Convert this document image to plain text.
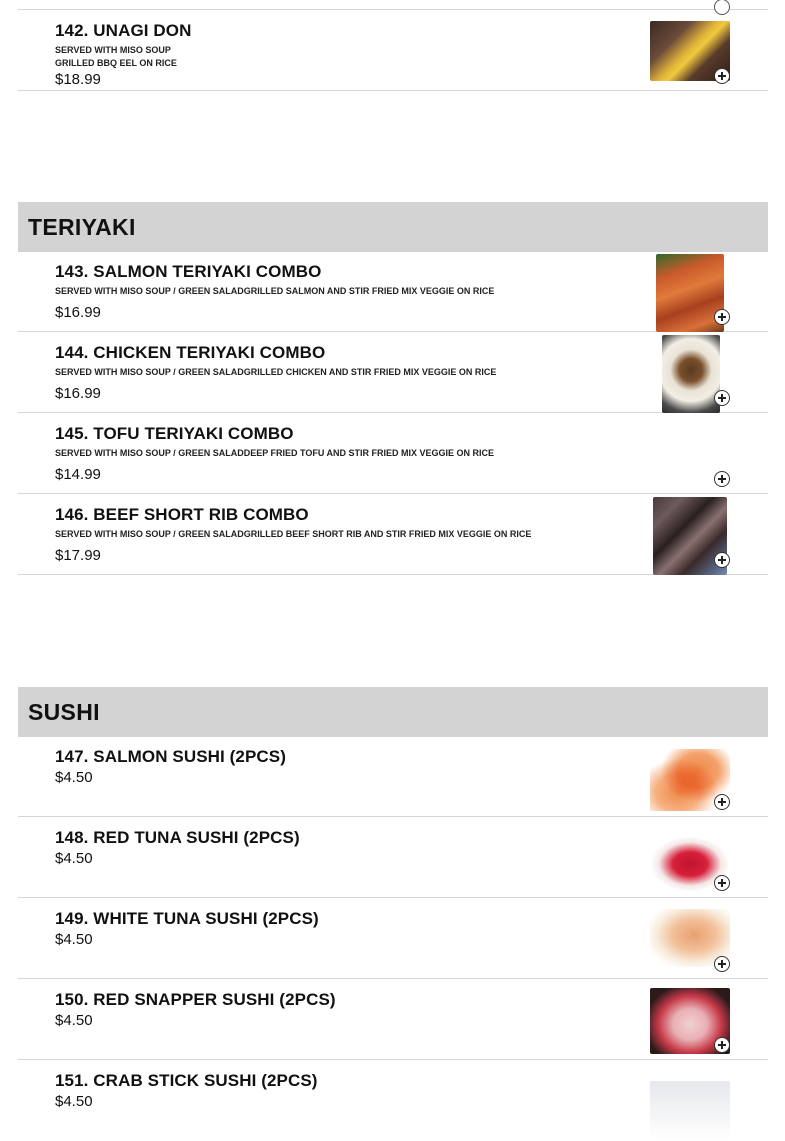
142. UNAGI DON
SERVED WITH MISO SOUP
GRILLED BBQ EEL ON RICE
$18.99
TERIYAKI
143. SALMON TERIYAKI COMBO
SERVED WITH MISO SOUP / GREEN SALADGRILLED SALMON AND STIR FRIED MIX VEGGIE ON RICE
$16.99
144. CHICKEN TERIYAKI COMBO
SERVED WITH MISO SOUP / GREEN SALADGRILLED CHICKEN AND STIR FRIED MIX VEGGIE ON RICE
$16.99
145. TOFU TERIYAKI COMBO
SERVED WITH MISO SOUP / GREEN SALADDEEP FRIED TOFU AND STIR FRIED MIX VEGGIE ON RICE
$14.99
146. BEEF SHORT RIB COMBO
SERVED WITH MISO SOUP / GREEN SALADGRILLED BEEF SHORT RIB AND STIR FRIED MIX VEGGIE ON RICE
$17.99
SUSHI
147. SALMON SUSHI (2PCS)
$4.50
148. RED TUNA SUSHI (2PCS)
$4.50
149. WHITE TUNA SUSHI (2PCS)
$4.50
150. RED SNAPPER SUSHI (2PCS)
$4.50
151. CRAB STICK SUSHI (2PCS)
$4.50
